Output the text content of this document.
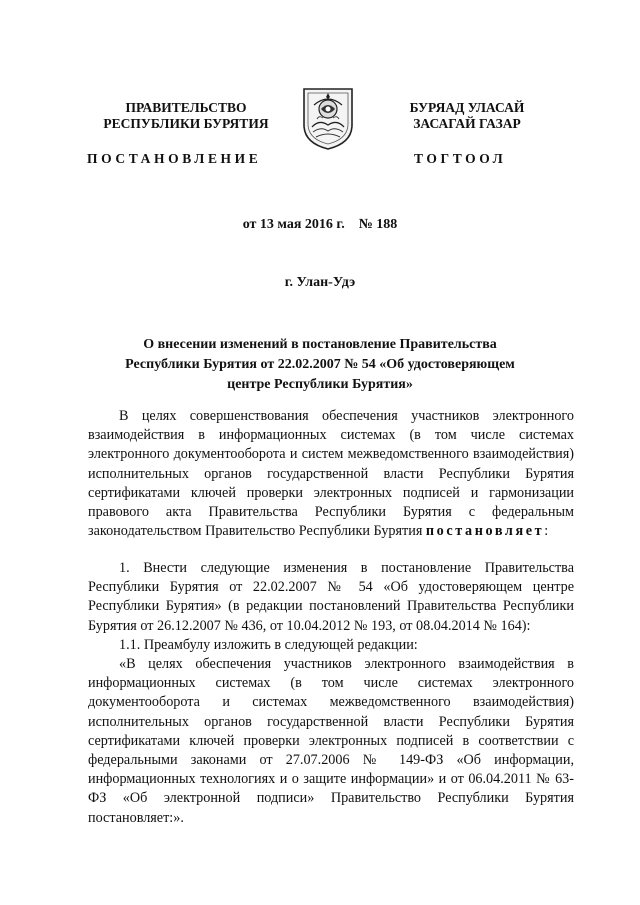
ПРАВИТЕЛЬСТВО
РЕСПУБЛИКИ БУРЯТИЯ
БУРЯАД УЛАСАЙ
ЗАСАГАЙ ГАЗАР
ПОСТАНОВЛЕНИЕ	ТОГТООЛ
от 13 мая 2016 г.    № 188
г. Улан-Удэ
О внесении изменений в постановление Правительства
Республики Бурятия от 22.02.2007 № 54 «Об удостоверяющем
центре Республики Бурятия»

В целях совершенствования обеспечения участников электронного взаимодействия в информационных системах (в том числе системах электронного документооборота и систем межведомственного взаимодействия) исполнительных органов государственной власти Республики Бурятия сертификатами ключей проверки электронных подписей и гармонизации правового акта Правительства Республики Бурятия с федеральным законодательством Правительство Республики Бурятия постановляет:

1. Внести следующие изменения в постановление Правительства Республики Бурятия от 22.02.2007 № 54 «Об удостоверяющем центре Республики Бурятия» (в редакции постановлений Правительства Республики Бурятия от 26.12.2007 № 436, от 10.04.2012 № 193, от 08.04.2014 № 164):

1.1. Преамбулу изложить в следующей редакции:

«В целях обеспечения участников электронного взаимодействия в информационных системах (в том числе системах электронного документооборота и системах межведомственного взаимодействия) исполнительных органов государственной власти Республики Бурятия сертификатами ключей проверки электронных подписей в соответствии с федеральными законами от 27.07.2006 № 149-ФЗ «Об информации, информационных технологиях и о защите информации» и от 06.04.2011 № 63-ФЗ «Об электронной подписи» Правительство Республики Бурятия постановляет:».
